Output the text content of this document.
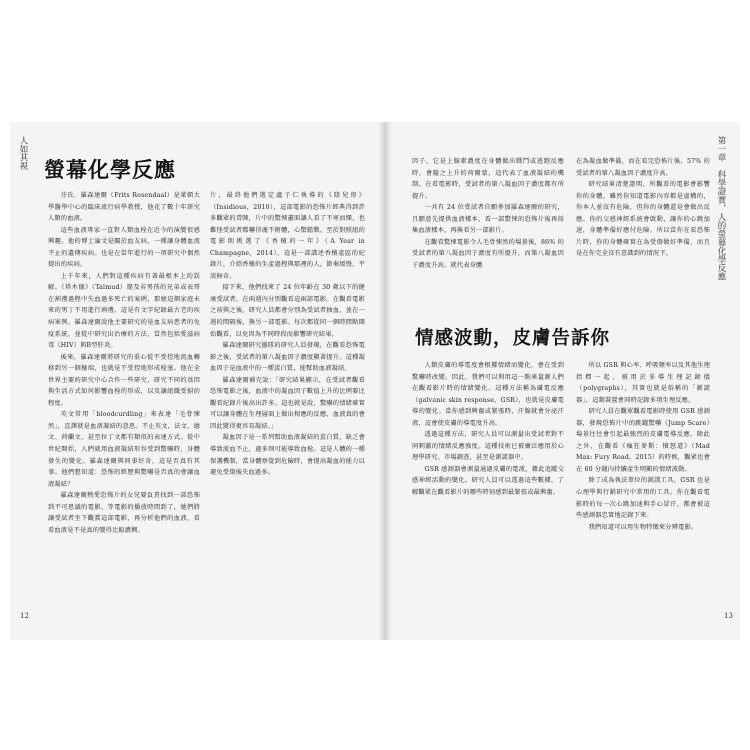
人如其視
12
螢幕化學反應

芬氏．羅森達爾（Frits Rosendaal）是萊頓大學醫學中心的臨床流行病學教授，他花了數十年研究人類的血液。

這些血液專家一直對人類血栓在近今的演變很感興趣。他的博士論文是關於血友病，一種讓身體血流不止的遺傳疾病。也是在當年進行的一項研究中偶然提出的疾病。

上千年來，人們對這種疾病有著最根本上的誤解。《塔木德》（Talmud）提及若男孩的兄弟或表哥在割禮過程中失血過多死亡的案例，那麼這個家庭未來的男丁不用進行割禮。這是有文字紀錄最古老的疾病案例。羅森達爾說他主要研究的是血友病患者的免疫系統，並從中研究出治療的方法，當然包括愛滋病毒（HIV）與B型肝炎。

後來，羅森達爾將研究的重心從不受控地流血轉移到另一個極端，也就是不受控地形成栓塞。他在全世界主要的研究中心合作一些研究，研究不同的基因與生活方式如何影響血栓的形成，以及讓組織受損的程度。

英文常用「bloodcurdling」來表達「毛骨悚然」，直譯就是血液凝結的意思。不止英文，法文、德文、荷蘭文，甚至拉丁文都有類似的表達方式。從中世紀開始，人們就用血液凝結形容受到驚嚇時，身體發生的變化。羅森達爾與同事好奇，這是否真有其事。他們想知道：恐怖的經歷與驚嚇是否真的會讓血液凝結？

羅森達爾熱愛恐怖片的女兒要負責找到一部恐怖到不可思議的電影，等電影的播放時間到了，她們將讓受試者坐下觀賞這部電影，再分析他們的血液，看看血液是不是真的變得比較濃稠。

片，最終他們選定盧子仁執導的《陰兒房》（Insidious，2010），這部電影的恐怖片經典得到許多觀眾的青睞，片中的驚悚畫面讓人看了不寒而慄，也難怪受試者都嚇得魂不附體，心驚膽戰。至於對照組的電影則挑選了《香檳的一年》（A Year in Champagne，2014），這是一部講述香檳產區的紀錄片，介紹香檳的生產過程與那裡的人，節奏緩慢，平淡無奇。

接下來，他們找來了 24 位年齡在 30 歲以下的健康受試者，在兩週內分別觀看這兩部電影。在觀看電影之前與之後，研究人員都會分別為受試者抽血，並在一週的間隔後，換另一部電影。每次都從同一個時間點開始觀看，以免因為不同時段而影響研究結果。

羅森達爾研究團隊的研究人員發現，在觀看恐怖電影之後，受試者的第八凝血因子濃度顯著提升。這種凝血因子是血液中的一種蛋白質，能幫助血液凝結。

羅森達爾補充說：「研究結果顯示，在受試者觀看恐怖電影之後，血液中的凝血因子數值上升的比例要比觀看紀錄片後高出許多。這也就是說，驚嚇的情緒確實可以讓身體在生理層面上做出相應的反應，血液真的會因此變得更容易凝結。」

凝血因子是一系列幫助血液凝結的蛋白質，缺乏會導致流血不止，過多則可能導致血栓。這是人體的一種保護機制，當身體察覺到危險時，會提高凝血的能力以避免受傷後失血過多。

第一章　科學證實，人的螢幕化學反應
13

因子，它是上腺素濃度在身體做出戰鬥或逃跑反應時，會隨之上升的荷爾蒙，這代表了血液凝結的機制。在看電影時，受試者的第八凝血因子濃度都有所提升。

一共有 24 位受試者自願參加羅森達爾的研究，且願意先提供血液樣本，看一部驚悚的恐怖片後再採集血液樣本，再換看另一部影片。

在觀看驚悚電影令人毛骨悚然的場景後，86% 的受試者的第八凝血因子濃度有所提升，而第八凝血因子濃度升高，就代表身體

在為凝血做準備，而在看完恐怖片後，57% 的受試者的第八凝血因子濃度升高。

研究結果清楚證明，所觀看的電影會影響你的身體，雖然你知道電影內容都是虛構的，你本人並沒有危險，但你的身體還是會做出反應。你的交感神經系統會啟動，讓你的心跳加速，身體準備好應付危險。所以當你在看恐怖片時，你的身體確實在為受傷做好準備，而且是在你完全沒有意識到的情況下。

情感波動，皮膚告訴你

人類皮膚的導電度會根據情緒而變化，會在受到驚嚇時改變。因此，我們可以利用這一點來量測人們在觀看影片時的情緒變化。這種方法稱為膚電反應（galvanic skin response，GSR），也就是皮膚電導的變化。當你感到興奮或緊張時，汗腺就會分泌汗液，這會使皮膚的導電度升高。

透過這種方法，研究人員可以測量出受試者對不同刺激的情緒反應強度。這種技術已被廣泛應用於心理學研究、市場調查，甚至是測謊器中。

GSR 感測器會測量通過皮膚的電流，藉此追蹤交感神經活動的變化。研究人員可以透過這些數據，了解觀眾在觀看影片的哪些時刻感到最緊張或最興奮。

所以 GSR 與心率、呼吸頻率以及其他生理指標一起，被用於多導生理記錄儀（polygraphs），其實也就是俗稱的「測謊器」，這類裝置會同時記錄多項生理反應。

研究人員在觀眾觀看電影時使用 GSR 感測器，發現恐怖片中的跳躍驚嚇（Jump Scare）場景往往會引起最強烈的皮膚電導反應。除此之外，在觀看《瘋狂麥斯：憤怒道》（Mad Max: Fury Road，2015）的時候，觀眾也會在 60 分鐘內持續產生明顯的情緒波動。

除了成為執法單位的測謊工具，GSR 也是心理學與行銷研究中常用的工具。你在觀看電影時的每一次心跳加速與手心冒汗，都會被這些感測器忠實地記錄下來。

我們知道可以用生物特徵來分辨電影。
